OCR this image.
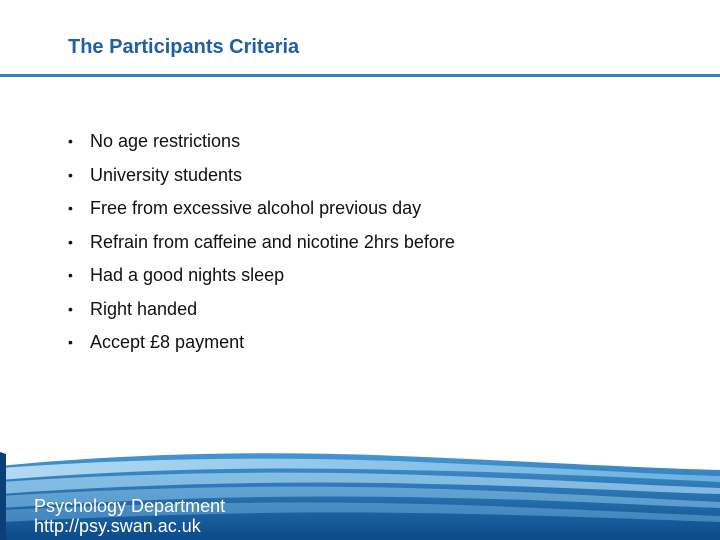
The Participants Criteria
• No age restrictions
• University students
• Free from excessive alcohol previous day
• Refrain from caffeine and nicotine 2hrs before
• Had a good nights sleep
• Right handed
• Accept £8 payment
Psychology Department
http://psy.swan.ac.uk
